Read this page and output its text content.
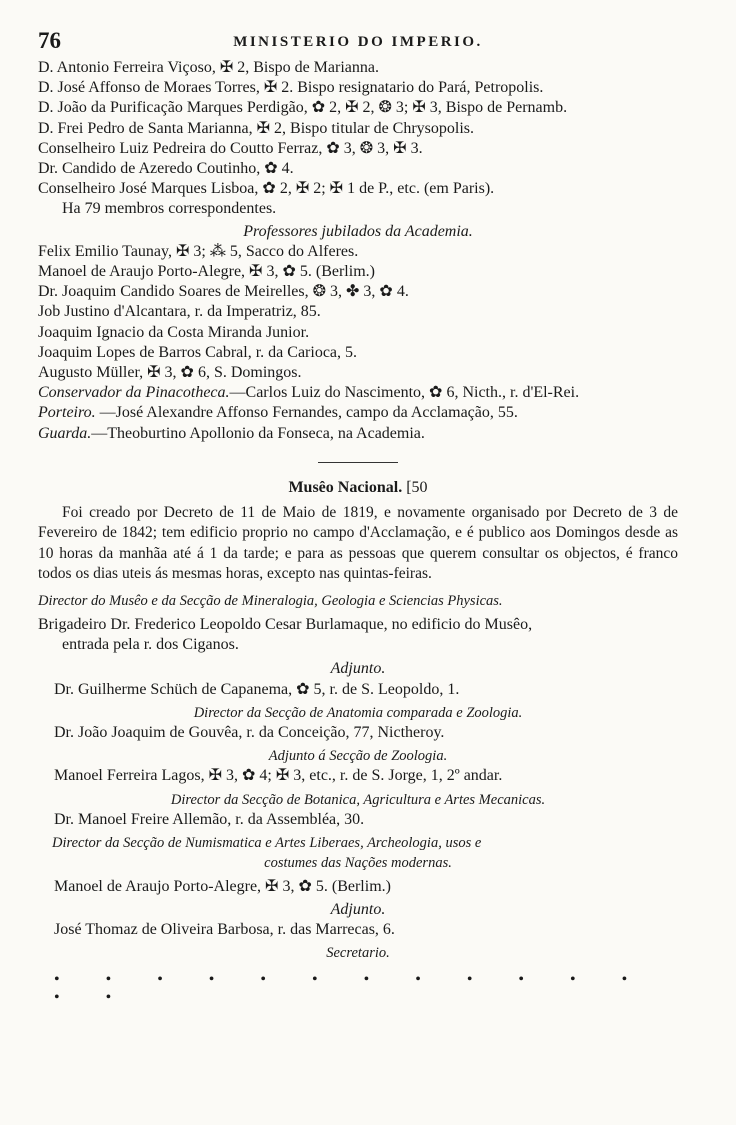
76	MINISTERIO DO IMPERIO.
D. Antonio Ferreira Viçoso, ✠ 2, Bispo de Marianna.
D. José Affonso de Moraes Torres, ✠ 2. Bispo resignatario do Pará, Petropolis.
D. João da Purificação Marques Perdigão, ✿ 2, ✠ 2, ❂ 3; ✠ 3, Bispo de Pernamb.
D. Frei Pedro de Santa Marianna, ✠ 2, Bispo titular de Chrysopolis.
Conselheiro Luiz Pedreira do Coutto Ferraz, ✿ 3, ❂ 3, ✠ 3.
Dr. Candido de Azeredo Coutinho, ✿ 4.
Conselheiro José Marques Lisboa, ✿ 2, ✠ 2; ✠ 1 de P., etc. (em Paris).
Ha 79 membros correspondentes.
Professores jubilados da Academia.
Felix Emilio Taunay, ✠ 3; ⁂ 5, Sacco do Alferes.
Manoel de Araujo Porto-Alegre, ✠ 3, ✿ 5. (Berlim.)
Dr. Joaquim Candido Soares de Meirelles, ❂ 3, ✤ 3, ✿ 4.
Job Justino d'Alcantara, r. da Imperatriz, 85.
Joaquim Ignacio da Costa Miranda Junior.
Joaquim Lopes de Barros Cabral, r. da Carioca, 5.
Augusto Müller, ✠ 3, ✿ 6, S. Domingos.
Conservador da Pinacotheca.—Carlos Luiz do Nascimento, ✿ 6, Nicth., r. d'El-Rei.
Porteiro. —José Alexandre Affonso Fernandes, campo da Acclamação, 55.
Guarda.—Theoburtino Apollonio da Fonseca, na Academia.
Musêo Nacional. [50

Foi creado por Decreto de 11 de Maio de 1819, e novamente organisado por Decreto de 3 de Fevereiro de 1842; tem edificio proprio no campo d'Acclamação, e é publico aos Domingos desde as 10 horas da manhãa até á 1 da tarde; e para as pessoas que querem consultar os objectos, é franco todos os dias uteis ás mesmas horas, excepto nas quintas-feiras.

Director do Musêo e da Secção de Mineralogia, Geologia e Sciencias Physicas.
Brigadeiro Dr. Frederico Leopoldo Cesar Burlamaque, no edificio do Musêo,
entrada pela r. dos Ciganos.
Adjunto.
Dr. Guilherme Schüch de Capanema, ✿ 5, r. de S. Leopoldo, 1.
Director da Secção de Anatomia comparada e Zoologia.
Dr. João Joaquim de Gouvêa, r. da Conceição, 77, Nictheroy.
Adjunto á Secção de Zoologia.
Manoel Ferreira Lagos, ✠ 3, ✿ 4; ✠ 3, etc., r. de S. Jorge, 1, 2º andar.
Director da Secção de Botanica, Agricultura e Artes Mecanicas.
Dr. Manoel Freire Allemão, r. da Assembléa, 30.
Director da Secção de Numismatica e Artes Liberaes, Archeologia, usos e
costumes das Nações modernas.
Manoel de Araujo Porto-Alegre, ✠ 3, ✿ 5. (Berlim.)
Adjunto.
José Thomaz de Oliveira Barbosa, r. das Marrecas, 6.
Secretario.
• • • • • • • • • • • • • •
